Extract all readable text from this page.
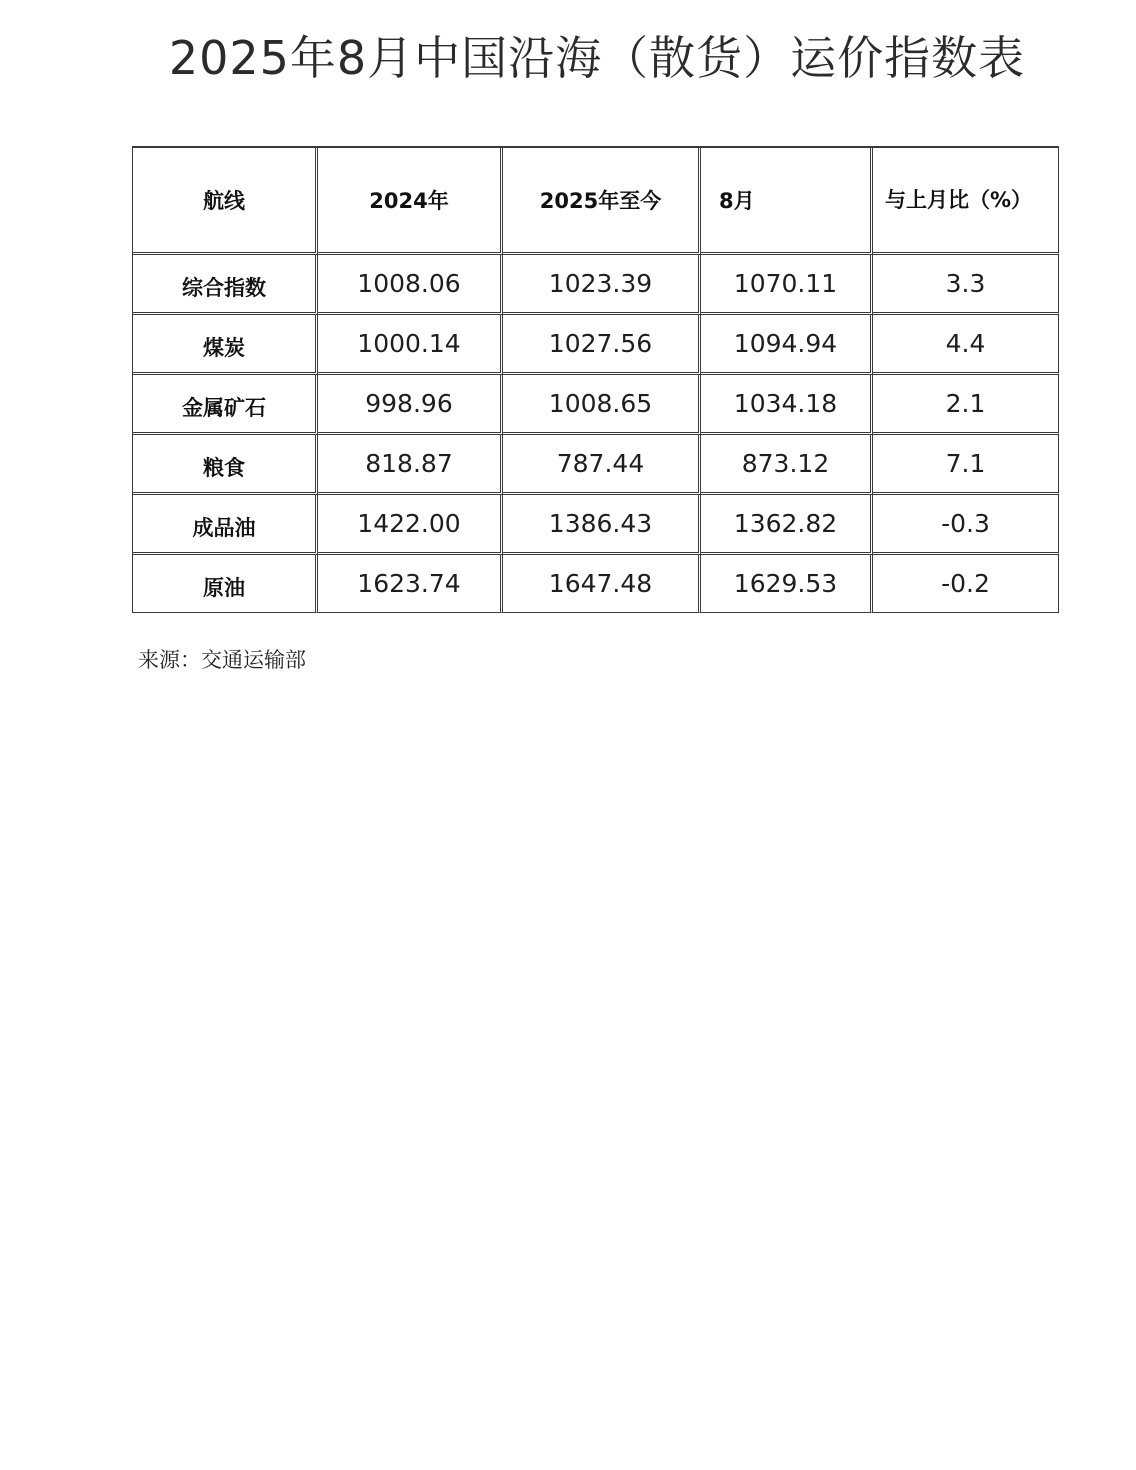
2025年8月中国沿海（散货）运价指数表
航线	2024年	2025年至今	8月	与上月比（%）
综合指数	1008.06	1023.39	1070.11	3.3
煤炭	1000.14	1027.56	1094.94	4.4
金属矿石	998.96	1008.65	1034.18	2.1
粮食	818.87	787.44	873.12	7.1
成品油	1422.00	1386.43	1362.82	-0.3
原油	1623.74	1647.48	1629.53	-0.2
来源：交通运输部
